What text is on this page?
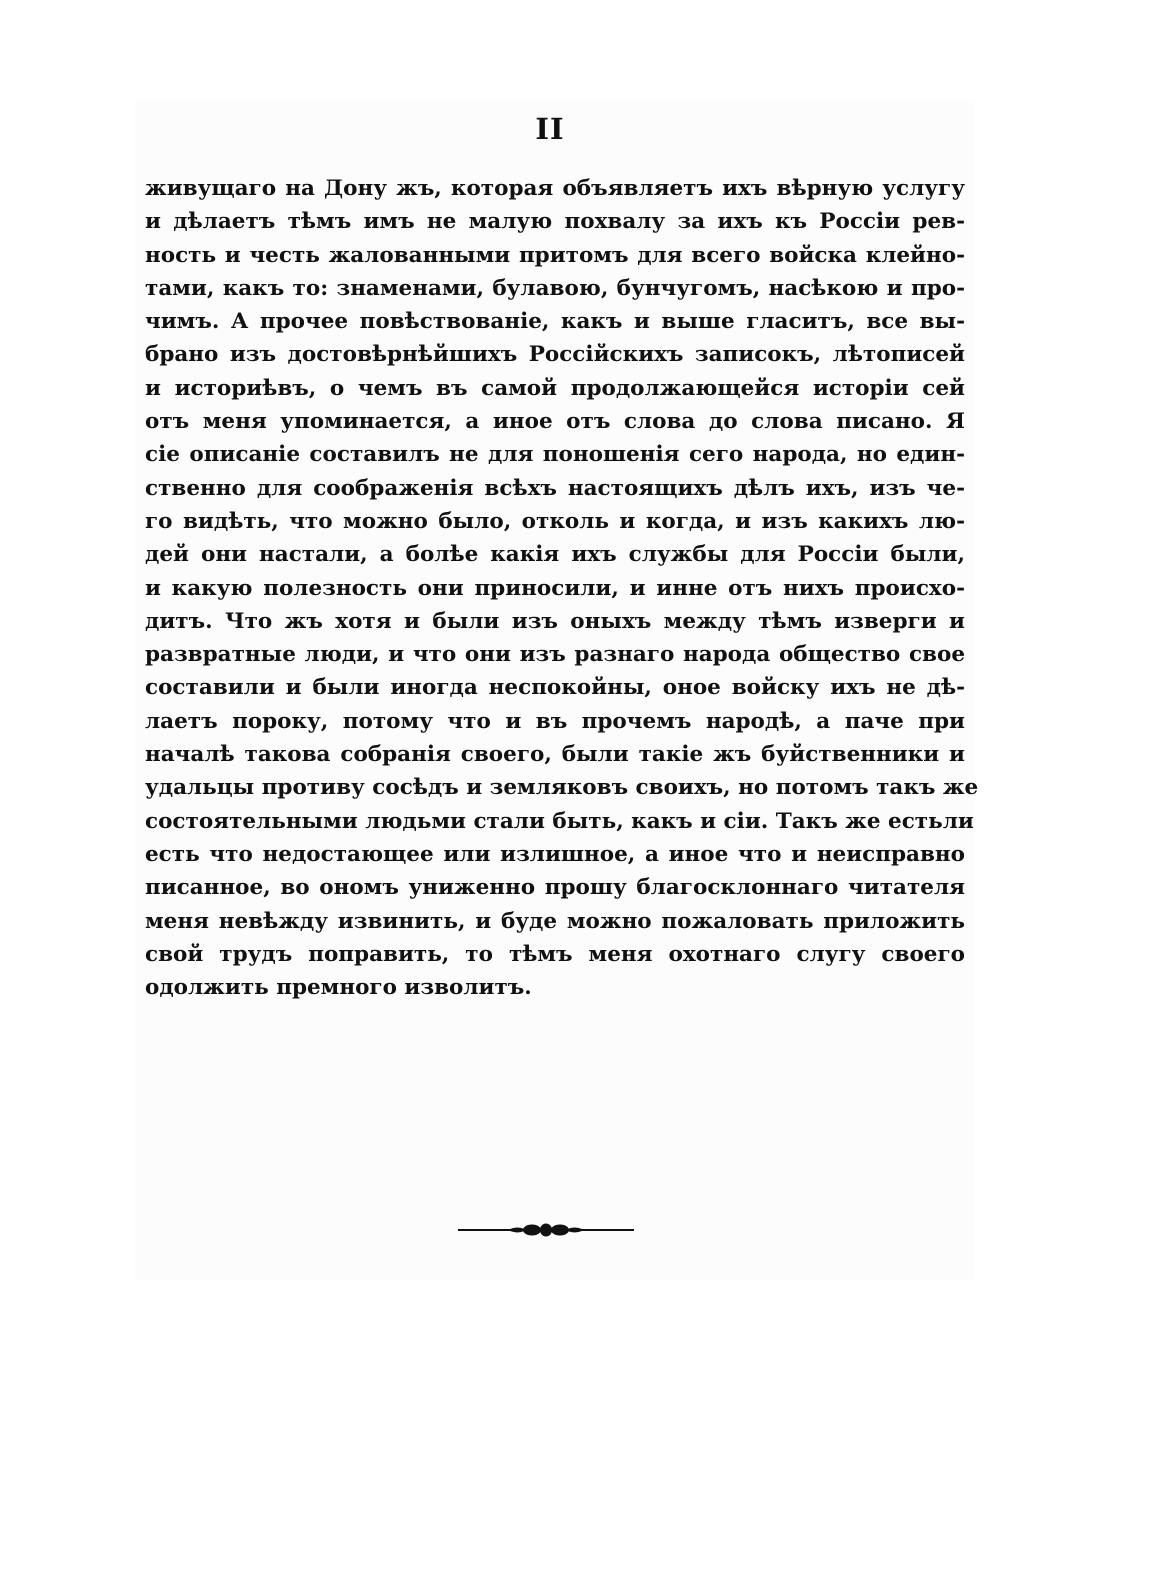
II
живущаго на Дону жъ, которая объявляетъ ихъ вѣрную услугу
и дѣлаетъ тѣмъ имъ не малую похвалу за ихъ къ Россіи рев-
ность и честь жалованными притомъ для всего войска клейно-
тами, какъ то: знаменами, булавою, бунчугомъ, насѣкою и про-
чимъ. А прочее повѣствованіе, какъ и выше гласитъ, все вы-
брано изъ достовѣрнѣйшихъ Россійскихъ записокъ, лѣтописей
и историѣвъ, о чемъ въ самой продолжающейся исторіи сей
отъ меня упоминается, а иное отъ слова до слова писано. Я
сіе описаніе составилъ не для поношенія сего народа, но един-
ственно для соображенія всѣхъ настоящихъ дѣлъ ихъ, изъ че-
го видѣть, что можно было, отколь и когда, и изъ какихъ лю-
дей они настали, а болѣе какія ихъ службы для Россіи были,
и какую полезность они приносили, и инне отъ нихъ происхо-
дитъ. Что жъ хотя и были изъ оныхъ между тѣмъ изверги и
развратные люди, и что они изъ разнаго народа общество свое
составили и были иногда неспокойны, оное войску ихъ не дѣ-
лаетъ пороку, потому что и въ прочемъ народѣ, а паче при
началѣ такова собранія своего, были такіе жъ буйственники и
удальцы противу сосѣдъ и земляковъ своихъ, но потомъ такъ же
состоятельными людьми стали быть, какъ и сіи. Такъ же естьли
есть что недостающее или излишное, а иное что и неисправно
писанное, во ономъ униженно прошу благосклоннаго читателя
меня невѣжду извинить, и буде можно пожаловать приложить
свой трудъ поправить, то тѣмъ меня охотнаго слугу своего
одолжить премного изволитъ.
